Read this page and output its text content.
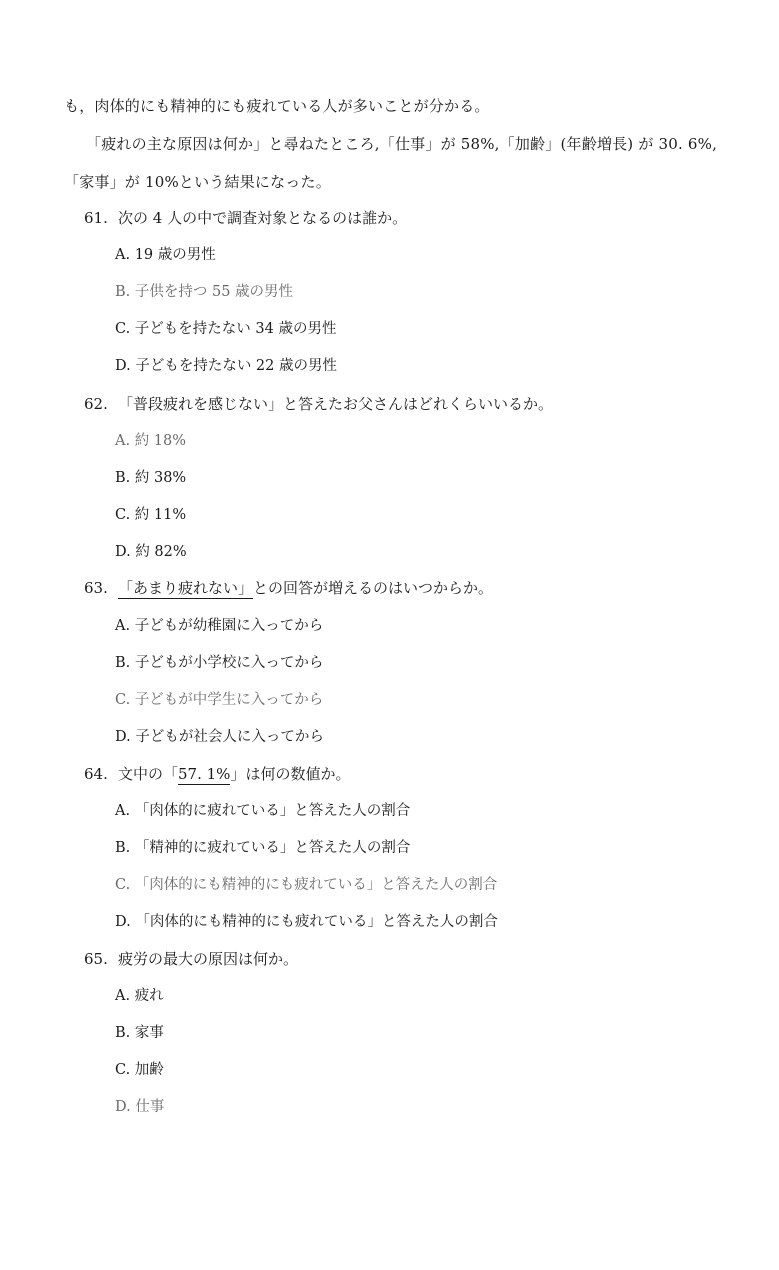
も，肉体的にも精神的にも疲れている人が多いことが分かる。
「疲れの主な原因は何か」と尋ねたところ,「仕事」が 58%,「加齢」(年齢増長) が 30. 6%,
「家事」が 10%という結果になった。
61. 次の 4 人の中で調査対象となるのは誰か。
A. 19 歳の男性
B. 子供を持つ 55 歳の男性
C. 子どもを持たない 34 歳の男性
D. 子どもを持たない 22 歳の男性
62. 「普段疲れを感じない」と答えたお父さんはどれくらいいるか。
A. 約 18%
B. 約 38%
C. 約 11%
D. 約 82%
63. 「あまり疲れない」との回答が増えるのはいつからか。
A. 子どもが幼稚園に入ってから
B. 子どもが小学校に入ってから
C. 子どもが中学生に入ってから
D. 子どもが社会人に入ってから
64. 文中の「57. 1%」は何の数値か。
A. 「肉体的に疲れている」と答えた人の割合
B. 「精神的に疲れている」と答えた人の割合
C. 「肉体的にも精神的にも疲れている」と答えた人の割合
D. 「肉体的にも精神的にも疲れている」と答えた人の割合
65. 疲労の最大の原因は何か。
A. 疲れ
B. 家事
C. 加齢
D. 仕事
